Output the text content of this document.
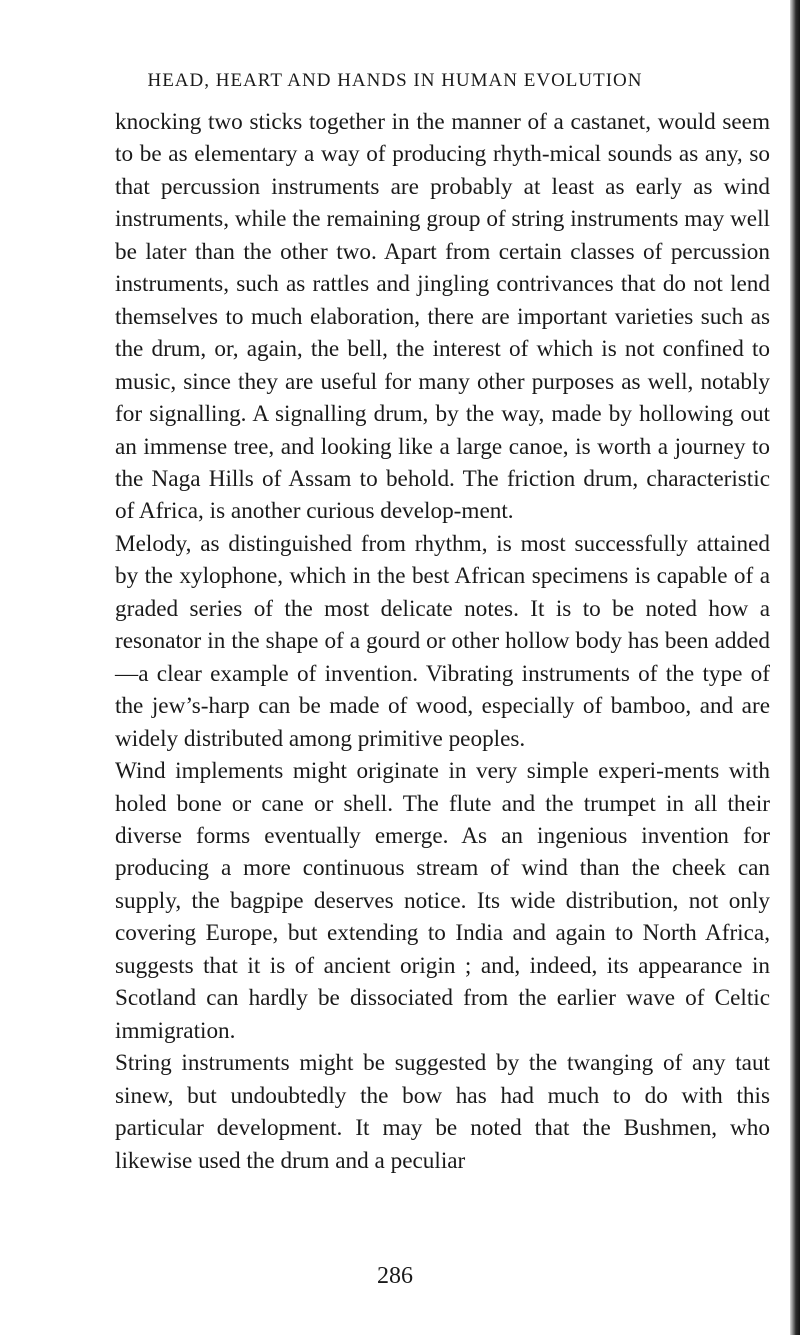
HEAD, HEART AND HANDS IN HUMAN EVOLUTION

knocking two sticks together in the manner of a castanet, would seem to be as elementary a way of producing rhyth-mical sounds as any, so that percussion instruments are probably at least as early as wind instruments, while the remaining group of string instruments may well be later than the other two. Apart from certain classes of percussion instruments, such as rattles and jingling contrivances that do not lend themselves to much elaboration, there are important varieties such as the drum, or, again, the bell, the interest of which is not confined to music, since they are useful for many other purposes as well, notably for signalling. A signalling drum, by the way, made by hollowing out an immense tree, and looking like a large canoe, is worth a journey to the Naga Hills of Assam to behold. The friction drum, characteristic of Africa, is another curious develop-ment.

Melody, as distinguished from rhythm, is most successfully attained by the xylophone, which in the best African specimens is capable of a graded series of the most delicate notes. It is to be noted how a resonator in the shape of a gourd or other hollow body has been added—a clear example of invention. Vibrating instruments of the type of the jew’s-harp can be made of wood, especially of bamboo, and are widely distributed among primitive peoples.

Wind implements might originate in very simple experi-ments with holed bone or cane or shell. The flute and the trumpet in all their diverse forms eventually emerge. As an ingenious invention for producing a more continuous stream of wind than the cheek can supply, the bagpipe deserves notice. Its wide distribution, not only covering Europe, but extending to India and again to North Africa, suggests that it is of ancient origin ; and, indeed, its appearance in Scotland can hardly be dissociated from the earlier wave of Celtic immigration.

String instruments might be suggested by the twanging of any taut sinew, but undoubtedly the bow has had much to do with this particular development. It may be noted that the Bushmen, who likewise used the drum and a peculiar

286
